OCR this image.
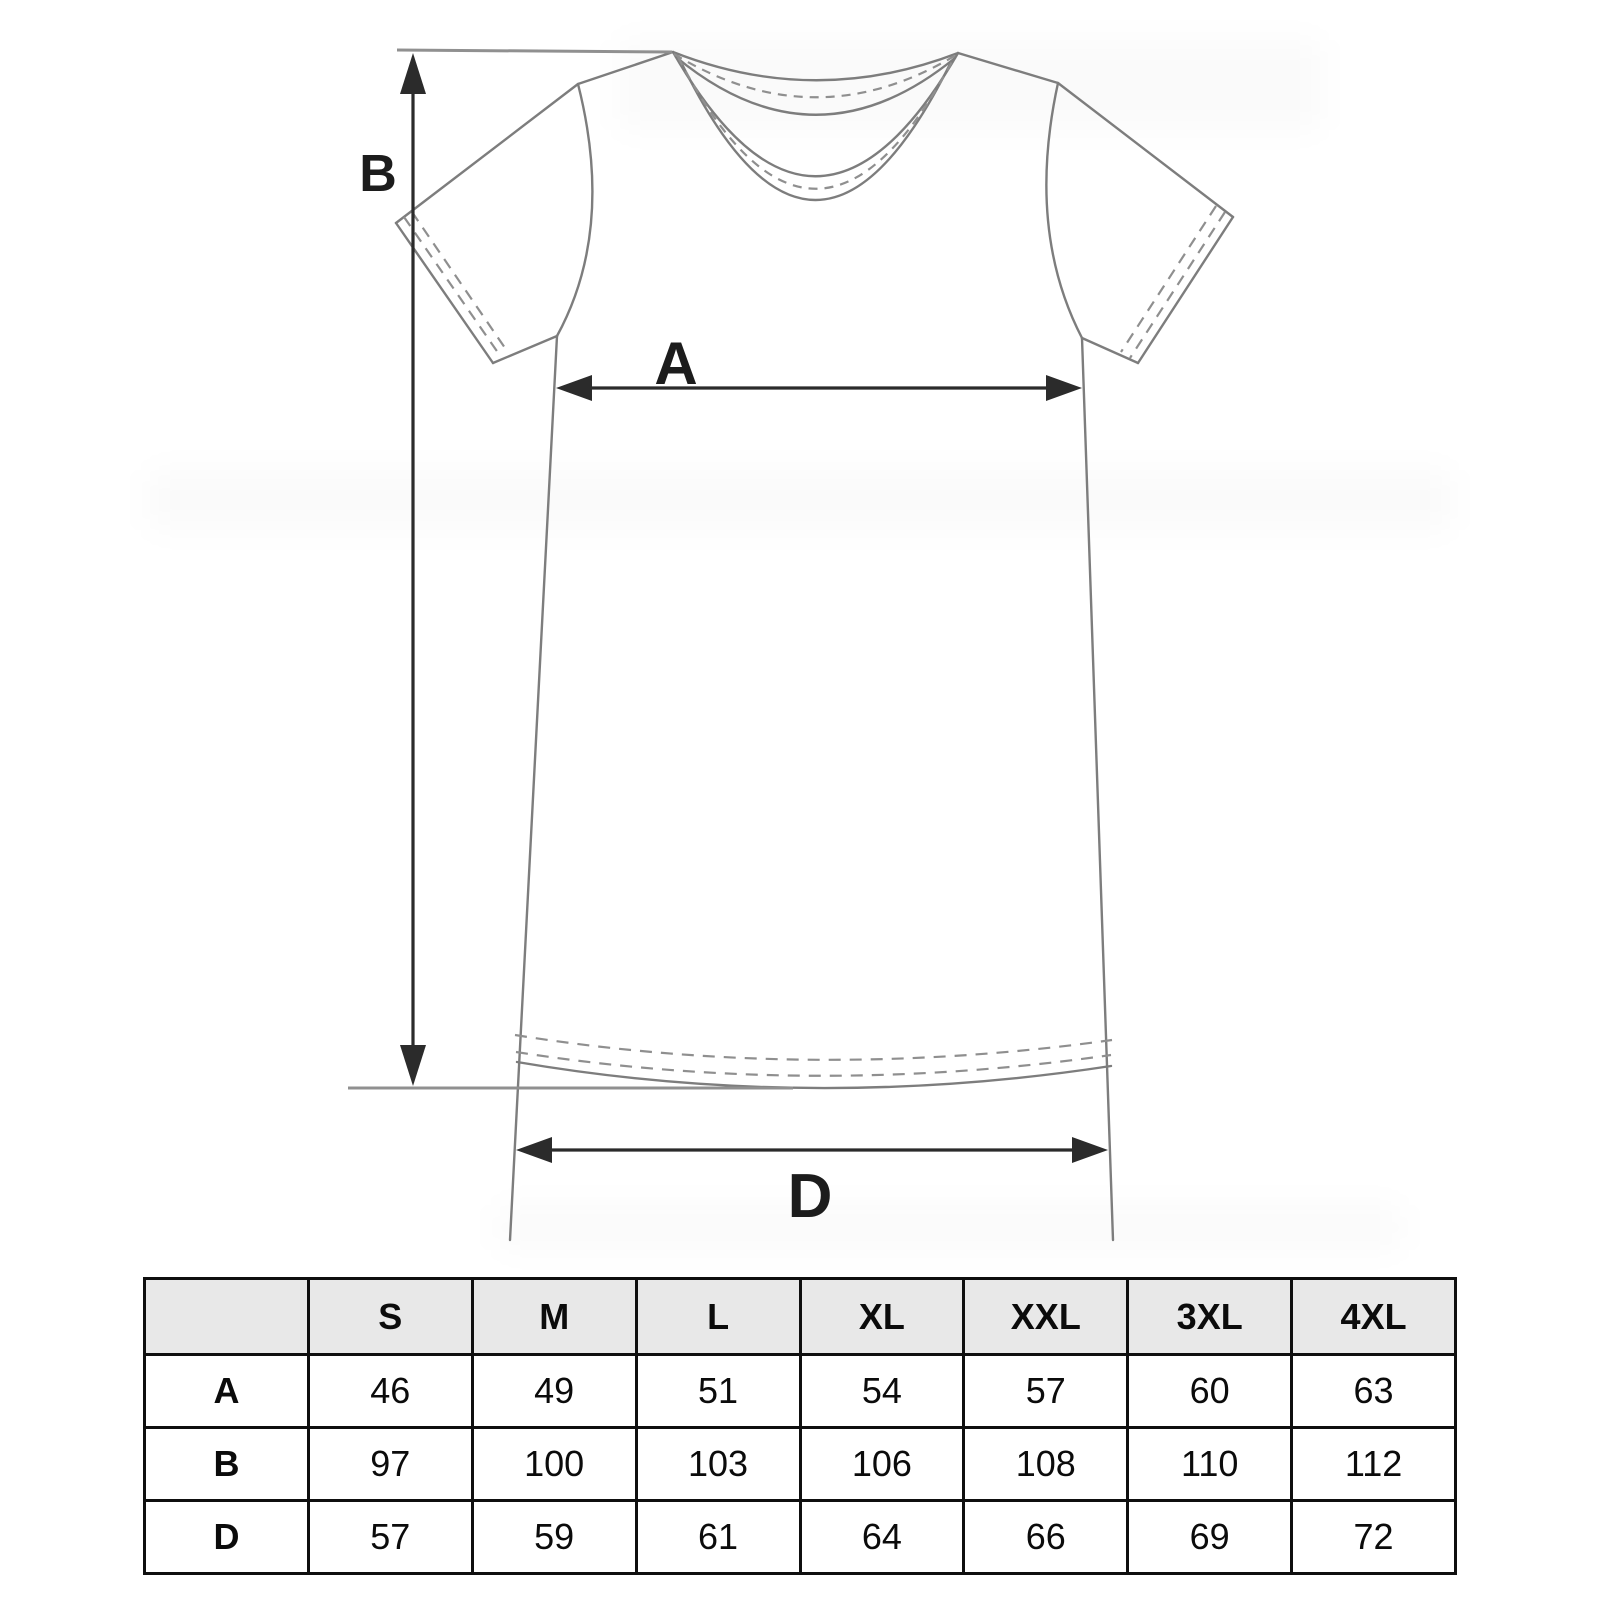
B
A
D
	S	M	L	XL	XXL	3XL	4XL
A	46	49	51	54	57	60	63
B	97	100	103	106	108	110	112
D	57	59	61	64	66	69	72
